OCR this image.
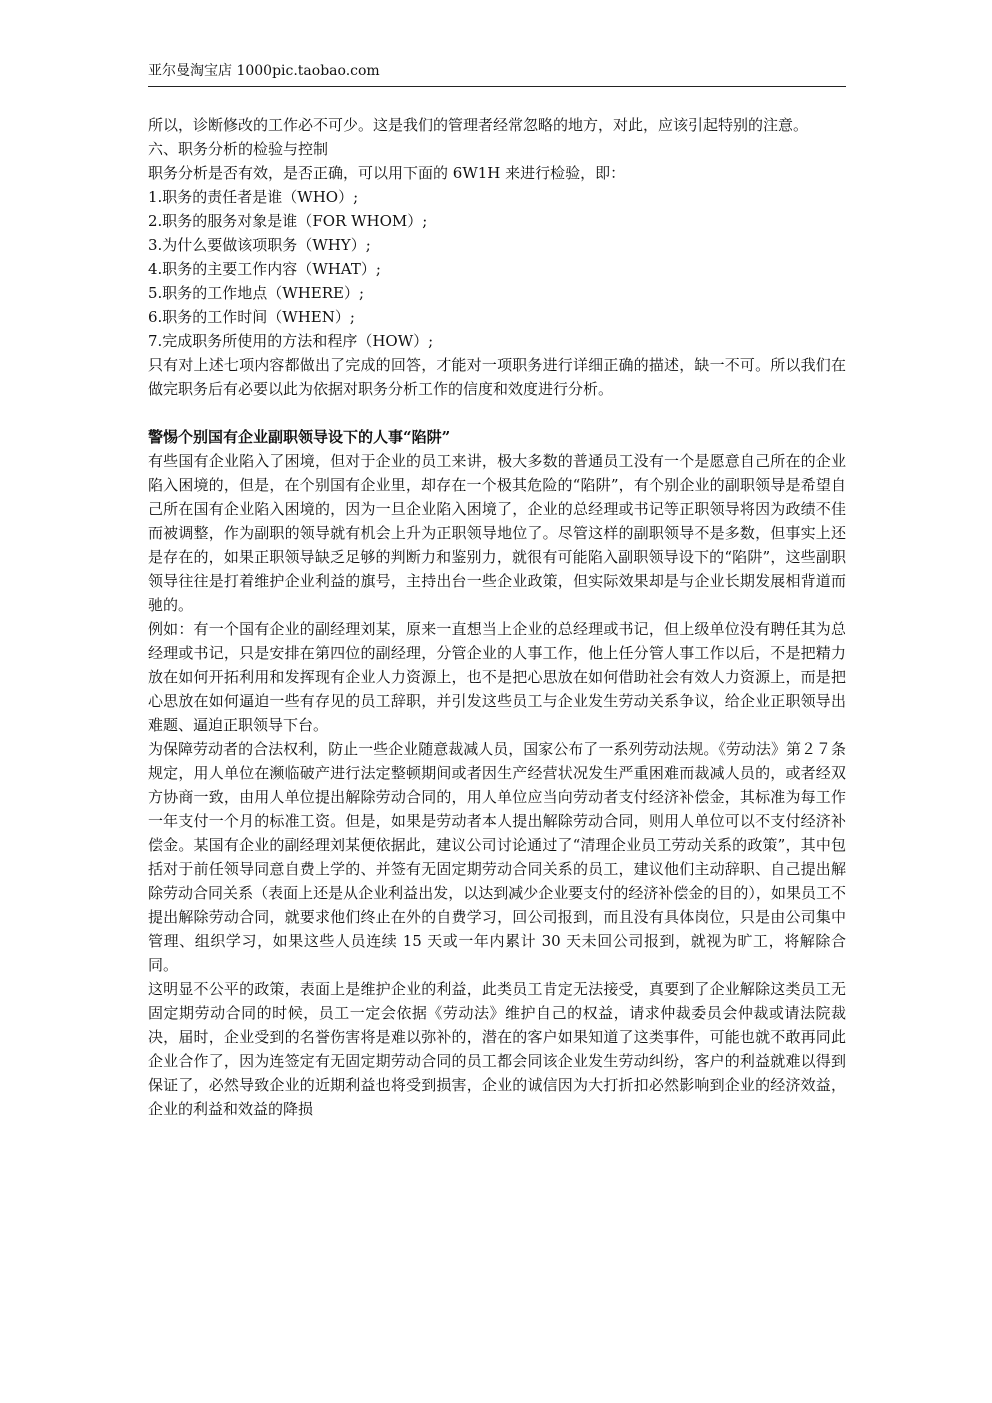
亚尔曼淘宝店 1000pic.taobao.com

所以，诊断修改的工作必不可少。这是我们的管理者经常忽略的地方，对此，应该引起特别的注意。

六、职务分析的检验与控制

职务分析是否有效，是否正确，可以用下面的 6W1H 来进行检验，即：

1.职务的责任者是谁（WHO）;

2.职务的服务对象是谁（FOR WHOM）;

3.为什么要做该项职务（WHY）;

4.职务的主要工作内容（WHAT）;

5.职务的工作地点（WHERE）;

6.职务的工作时间（WHEN）;

7.完成职务所使用的方法和程序（HOW）;

只有对上述七项内容都做出了完成的回答，才能对一项职务进行详细正确的描述，缺一不可。所以我们在做完职务后有必要以此为依据对职务分析工作的信度和效度进行分析。

警惕个别国有企业副职领导设下的人事“陷阱”

有些国有企业陷入了困境，但对于企业的员工来讲，极大多数的普通员工没有一个是愿意自己所在的企业陷入困境的，但是，在个别国有企业里，却存在一个极其危险的“陷阱”，有个别企业的副职领导是希望自己所在国有企业陷入困境的，因为一旦企业陷入困境了，企业的总经理或书记等正职领导将因为政绩不佳而被调整，作为副职的领导就有机会上升为正职领导地位了。尽管这样的副职领导不是多数，但事实上还是存在的，如果正职领导缺乏足够的判断力和鉴别力，就很有可能陷入副职领导设下的“陷阱”，这些副职领导往往是打着维护企业利益的旗号，主持出台一些企业政策，但实际效果却是与企业长期发展相背道而驰的。

例如：有一个国有企业的副经理刘某，原来一直想当上企业的总经理或书记，但上级单位没有聘任其为总经理或书记，只是安排在第四位的副经理，分管企业的人事工作，他上任分管人事工作以后，不是把精力放在如何开拓利用和发挥现有企业人力资源上，也不是把心思放在如何借助社会有效人力资源上，而是把心思放在如何逼迫一些有存见的员工辞职，并引发这些员工与企业发生劳动关系争议，给企业正职领导出难题、逼迫正职领导下台。

为保障劳动者的合法权利，防止一些企业随意裁减人员，国家公布了一系列劳动法规。《劳动法》第２７条规定，用人单位在濒临破产进行法定整顿期间或者因生产经营状况发生严重困难而裁减人员的，或者经双方协商一致，由用人单位提出解除劳动合同的，用人单位应当向劳动者支付经济补偿金，其标准为每工作一年支付一个月的标准工资。但是，如果是劳动者本人提出解除劳动合同，则用人单位可以不支付经济补偿金。某国有企业的副经理刘某便依据此，建议公司讨论通过了“清理企业员工劳动关系的政策”，其中包括对于前任领导同意自费上学的、并签有无固定期劳动合同关系的员工，建议他们主动辞职、自己提出解除劳动合同关系（表面上还是从企业利益出发，以达到减少企业要支付的经济补偿金的目的），如果员工不提出解除劳动合同，就要求他们终止在外的自费学习，回公司报到，而且没有具体岗位，只是由公司集中管理、组织学习，如果这些人员连续 15 天或一年内累计 30 天未回公司报到，就视为旷工，将解除合同。

这明显不公平的政策，表面上是维护企业的利益，此类员工肯定无法接受，真要到了企业解除这类员工无固定期劳动合同的时候，员工一定会依据《劳动法》维护自己的权益，请求仲裁委员会仲裁或请法院裁决，届时，企业受到的名誉伤害将是难以弥补的，潜在的客户如果知道了这类事件，可能也就不敢再同此企业合作了，因为连签定有无固定期劳动合同的员工都会同该企业发生劳动纠纷，客户的利益就难以得到保证了，必然导致企业的近期利益也将受到损害，企业的诚信因为大打折扣必然影响到企业的经济效益，企业的利益和效益的降损
